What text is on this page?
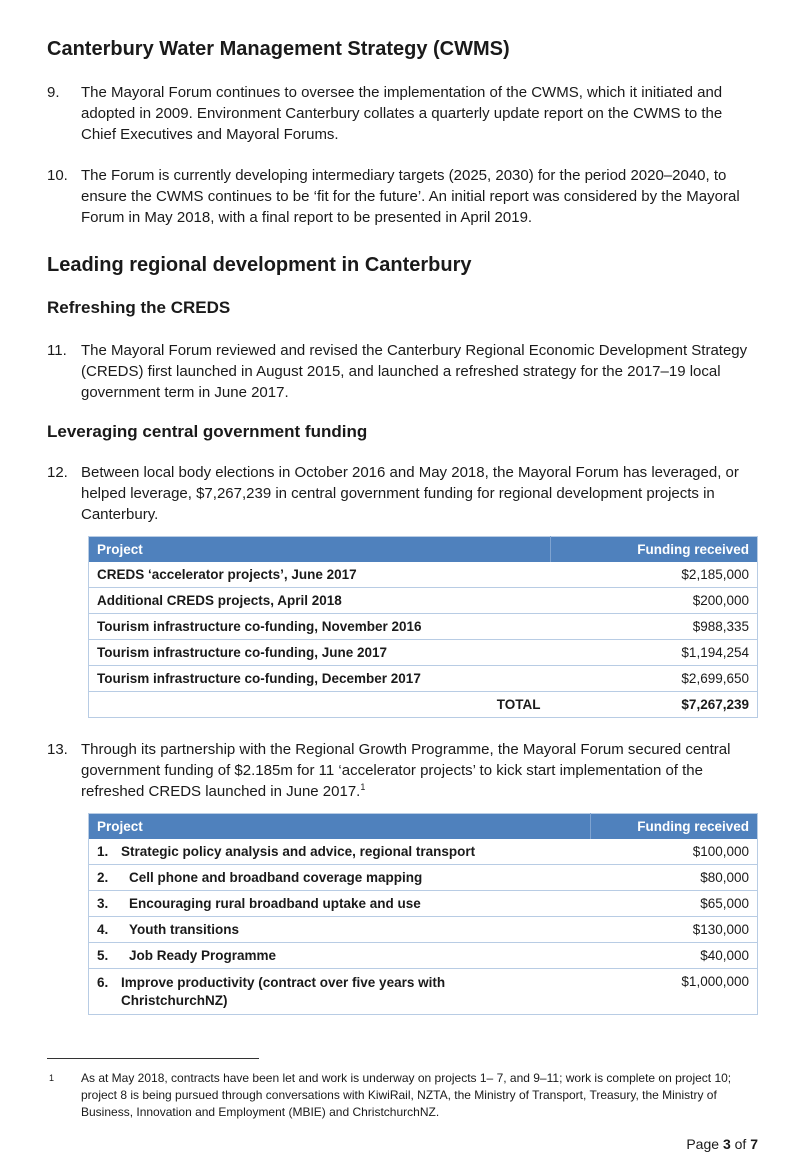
Canterbury Water Management Strategy (CWMS)
9. The Mayoral Forum continues to oversee the implementation of the CWMS, which it initiated and adopted in 2009. Environment Canterbury collates a quarterly update report on the CWMS to the Chief Executives and Mayoral Forums.
10. The Forum is currently developing intermediary targets (2025, 2030) for the period 2020–2040, to ensure the CWMS continues to be ‘fit for the future’. An initial report was considered by the Mayoral Forum in May 2018, with a final report to be presented in April 2019.
Leading regional development in Canterbury
Refreshing the CREDS
11. The Mayoral Forum reviewed and revised the Canterbury Regional Economic Development Strategy (CREDS) first launched in August 2015, and launched a refreshed strategy for the 2017–19 local government term in June 2017.
Leveraging central government funding
12. Between local body elections in October 2016 and May 2018, the Mayoral Forum has leveraged, or helped leverage, $7,267,239 in central government funding for regional development projects in Canterbury.
Project	Funding received
CREDS ‘accelerator projects’, June 2017	$2,185,000
Additional CREDS projects, April 2018	$200,000
Tourism infrastructure co-funding, November 2016	$988,335
Tourism infrastructure co-funding, June 2017	$1,194,254
Tourism infrastructure co-funding, December 2017	$2,699,650
TOTAL	$7,267,239
13. Through its partnership with the Regional Growth Programme, the Mayoral Forum secured central government funding of $2.185m for 11 ‘accelerator projects’ to kick start implementation of the refreshed CREDS launched in June 2017.$^1$
Project	Funding received
1. Strategic policy analysis and advice, regional transport	$100,000
2. Cell phone and broadband coverage mapping	$80,000
3. Encouraging rural broadband uptake and use	$65,000
4. Youth transitions	$130,000
5. Job Ready Programme	$40,000

6. Improve productivity (contract over five years with ChristchurchNZ)	$1,000,000
1 As at May 2018, contracts have been let and work is underway on projects 1– 7, and 9–11; work is complete on project 10; project 8 is being pursued through conversations with KiwiRail, NZTA, the Ministry of Transport, Treasury, the Ministry of Business, Innovation and Employment (MBIE) and ChristchurchNZ.
Page 3 of 7
